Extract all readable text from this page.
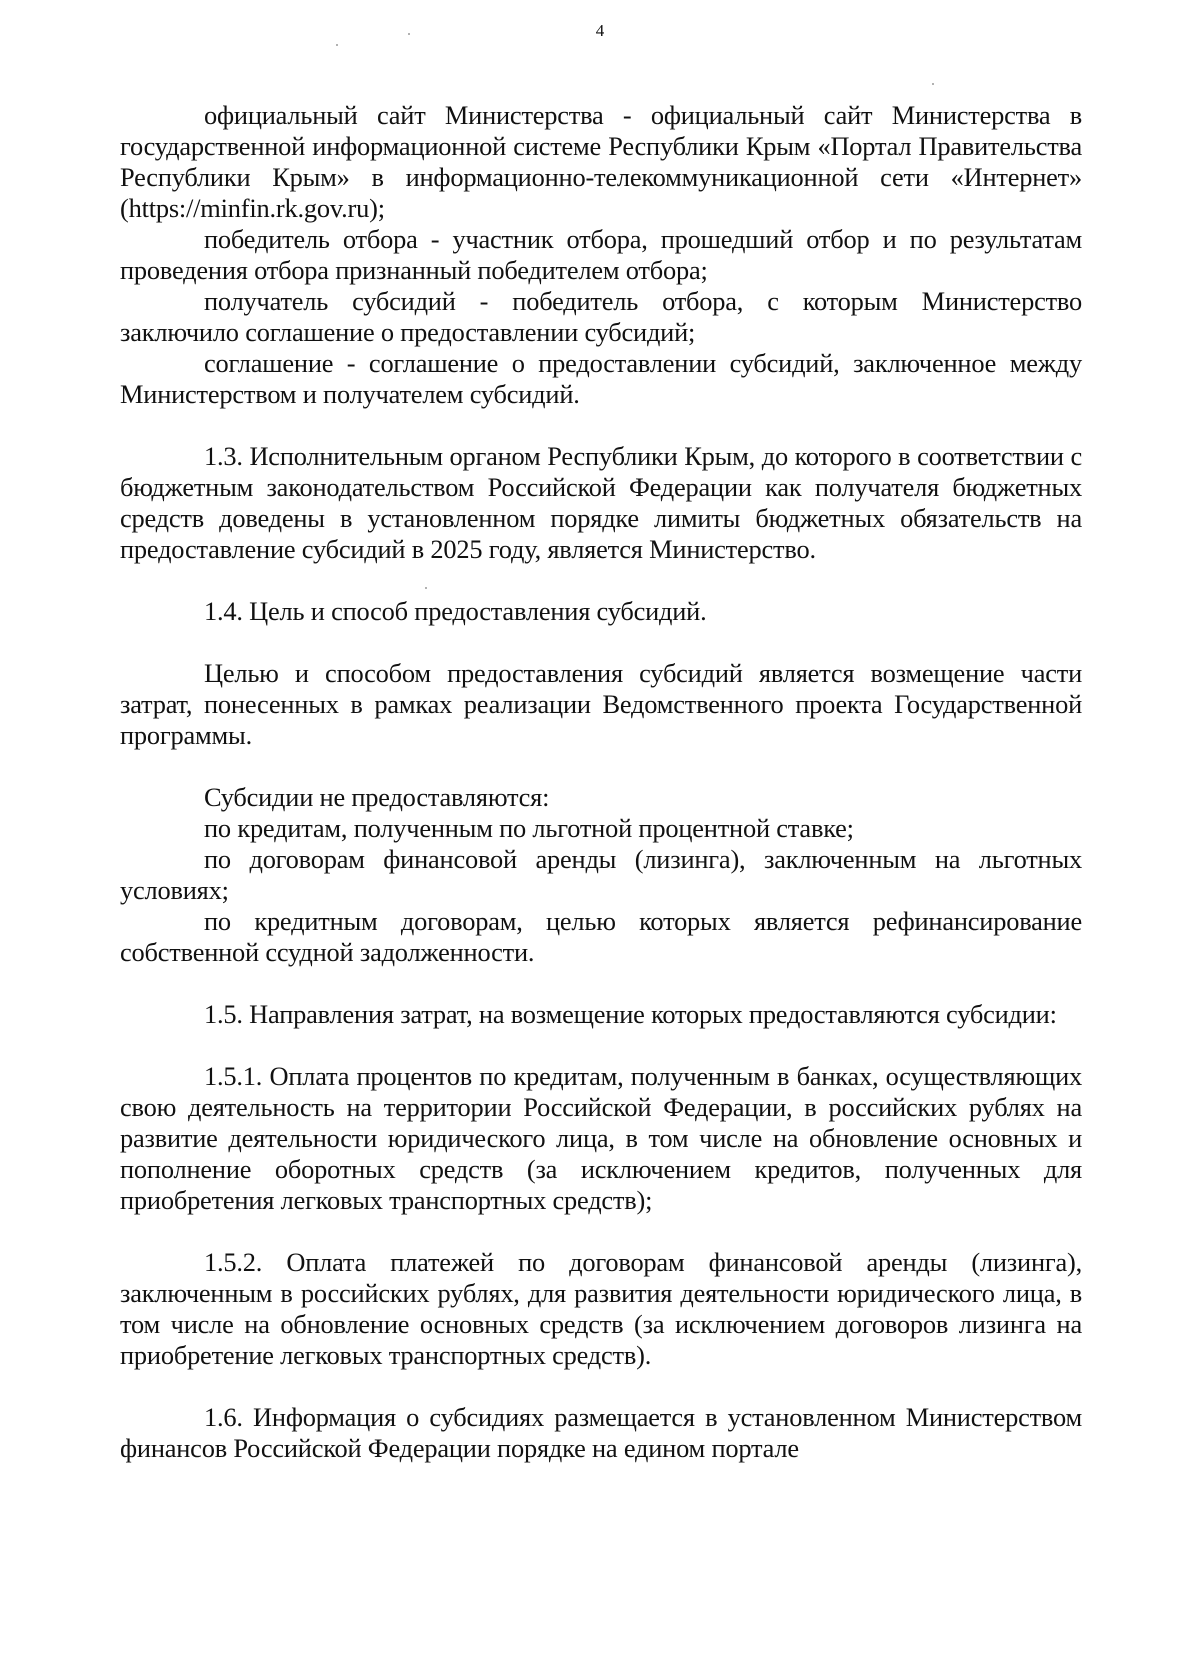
4

официальный сайт Министерства - официальный сайт Министерства в государственной информационной системе Республики Крым «Портал Правительства Республики Крым» в информационно-телекоммуникационной сети «Интернет» (https://minfin.rk.gov.ru);

победитель отбора - участник отбора, прошедший отбор и по результатам проведения отбора признанный победителем отбора;

получатель субсидий - победитель отбора, с которым Министерство заключило соглашение о предоставлении субсидий;

соглашение - соглашение о предоставлении субсидий, заключенное между Министерством и получателем субсидий.

1.3. Исполнительным органом Республики Крым, до которого в соответствии с бюджетным законодательством Российской Федерации как получателя бюджетных средств доведены в установленном порядке лимиты бюджетных обязательств на предоставление субсидий в 2025 году, является Министерство.

1.4. Цель и способ предоставления субсидий.

Целью и способом предоставления субсидий является возмещение части затрат, понесенных в рамках реализации Ведомственного проекта Государственной программы.

Субсидии не предоставляются:

по кредитам, полученным по льготной процентной ставке;

по договорам финансовой аренды (лизинга), заключенным на льготных условиях;

по кредитным договорам, целью которых является рефинансирование собственной ссудной задолженности.

1.5. Направления затрат, на возмещение которых предоставляются субсидии:

1.5.1. Оплата процентов по кредитам, полученным в банках, осуществляющих свою деятельность на территории Российской Федерации, в российских рублях на развитие деятельности юридического лица, в том числе на обновление основных и пополнение оборотных средств (за исключением кредитов, полученных для приобретения легковых транспортных средств);

1.5.2. Оплата платежей по договорам финансовой аренды (лизинга), заключенным в российских рублях, для развития деятельности юридического лица, в том числе на обновление основных средств (за исключением договоров лизинга на приобретение легковых транспортных средств).

1.6. Информация о субсидиях размещается в установленном Министерством финансов Российской Федерации порядке на едином портале
